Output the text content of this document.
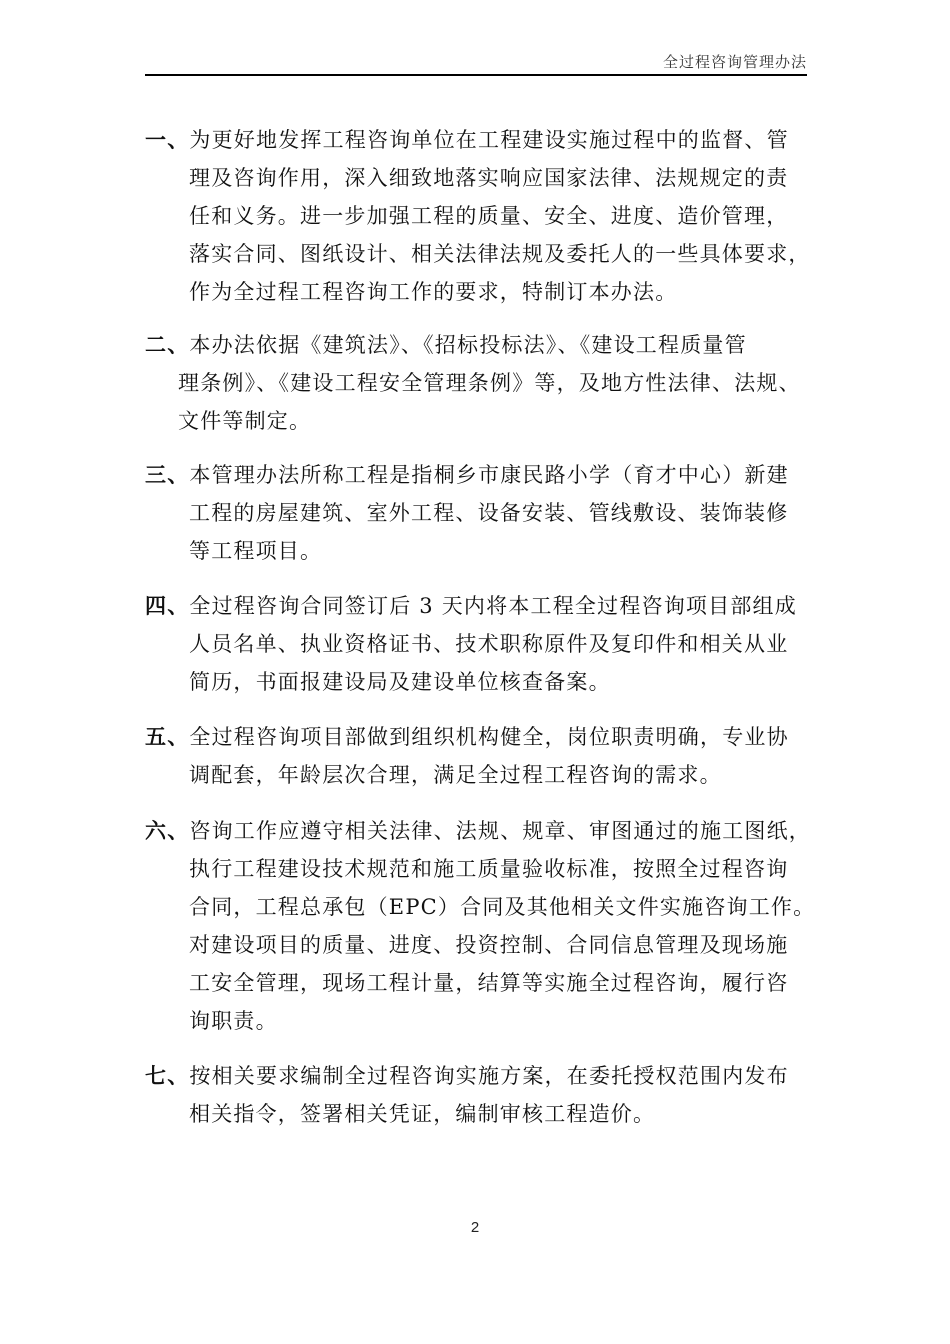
全过程咨询管理办法
一、为更好地发挥工程咨询单位在工程建设实施过程中的监督、管
理及咨询作用，深入细致地落实响应国家法律、法规规定的责
任和义务。进一步加强工程的质量、安全、进度、造价管理，
落实合同、图纸设计、相关法律法规及委托人的一些具体要求，
作为全过程工程咨询工作的要求，特制订本办法。
二、本办法依据《建筑法》、《招标投标法》、《建设工程质量管
理条例》、《建设工程安全管理条例》等，及地方性法律、法规、
文件等制定。
三、本管理办法所称工程是指桐乡市康民路小学（育才中心）新建
工程的房屋建筑、室外工程、设备安装、管线敷设、装饰装修
等工程项目。
四、全过程咨询合同签订后 3 天内将本工程全过程咨询项目部组成
人员名单、执业资格证书、技术职称原件及复印件和相关从业
简历，书面报建设局及建设单位核查备案。
五、全过程咨询项目部做到组织机构健全，岗位职责明确，专业协
调配套，年龄层次合理，满足全过程工程咨询的需求。
六、咨询工作应遵守相关法律、法规、规章、审图通过的施工图纸，
执行工程建设技术规范和施工质量验收标准，按照全过程咨询
合同，工程总承包（EPC）合同及其他相关文件实施咨询工作。
对建设项目的质量、进度、投资控制、合同信息管理及现场施
工安全管理，现场工程计量，结算等实施全过程咨询，履行咨
询职责。
七、按相关要求编制全过程咨询实施方案，在委托授权范围内发布
相关指令，签署相关凭证，编制审核工程造价。
2
